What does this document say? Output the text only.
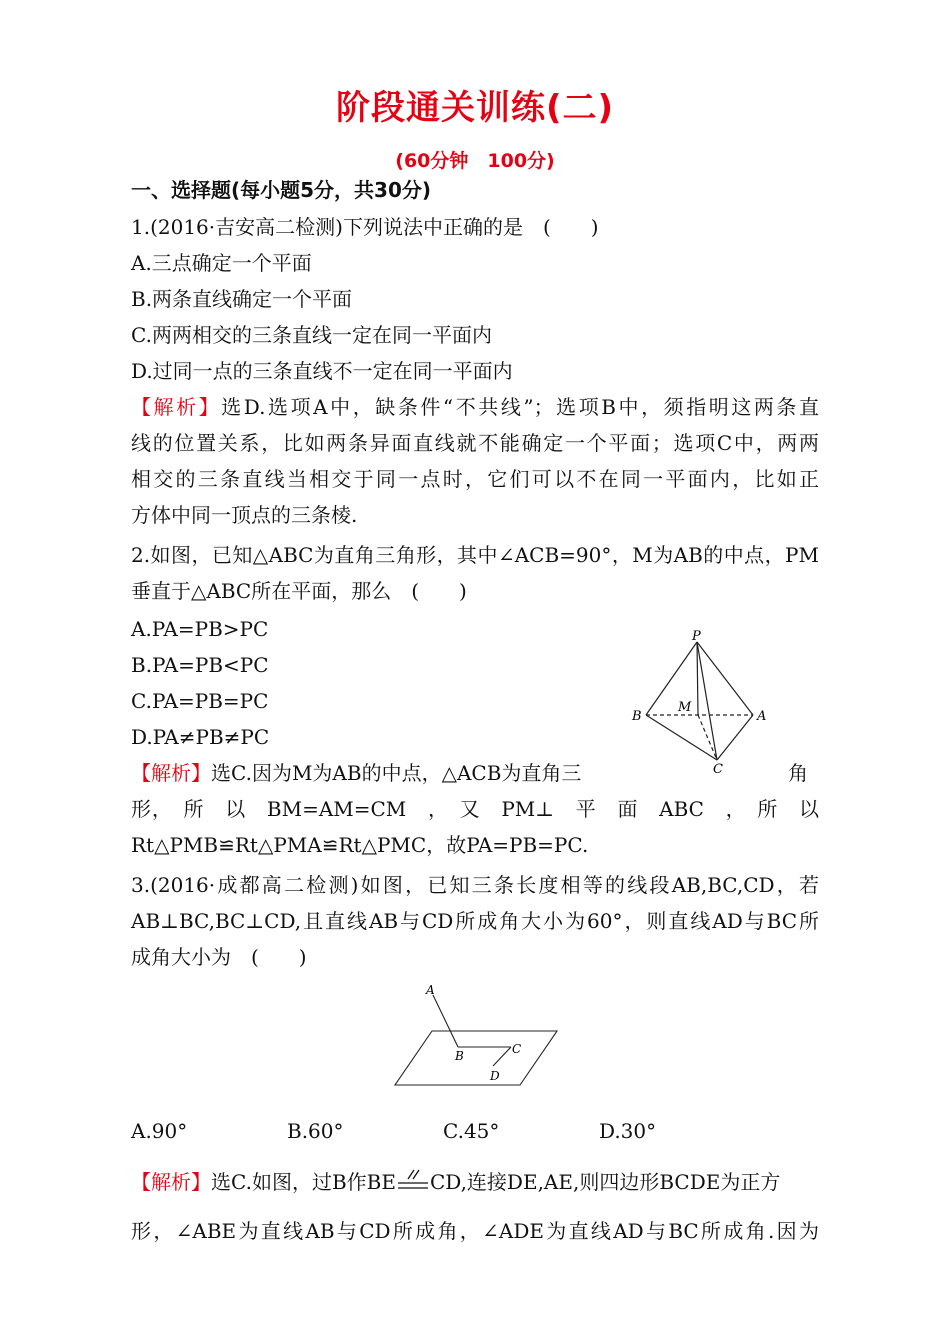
阶段通关训练(二)
(60分钟　100分)
一、选择题(每小题5分，共30分)
1.(2016·吉安高二检测)下列说法中正确的是　(　　)
A.三点确定一个平面
B.两条直线确定一个平面
C.两两相交的三条直线一定在同一平面内
D.过同一点的三条直线不一定在同一平面内
【解析】选D.选项A中，缺条件“不共线”；选项B中，须指明这两条直
线的位置关系，比如两条异面直线就不能确定一个平面；选项C中，两两
相交的三条直线当相交于同一点时，它们可以不在同一平面内，比如正
方体中同一顶点的三条棱.
2.如图，已知△ABC为直角三角形，其中∠ACB=90°，M为AB的中点，PM
垂直于△ABC所在平面，那么　(　　)
A.PA=PB>PC
B.PA=PB<PC
C.PA=PB=PC
D.PA≠PB≠PC
P
M
B	A
C
【解析】选C.因为M为AB的中点，△ACB为直角三	角
形，　所　以　BM=AM=CM　，　又　PM⊥　平　面　ABC　，　所　以
Rt△PMB≌Rt△PMA≌Rt△PMC，故PA=PB=PC.
3.(2016·成都高二检测)如图，已知三条长度相等的线段AB,BC,CD，若
AB⊥BC,BC⊥CD,且直线AB与CD所成角大小为60°，则直线AD与BC所
成角大小为　(　　)
A
B	C
D
A.90°	B.60°	C.45°	D.30°
【解析】选C.如图，过B作BE CD,连接DE,AE,则四边形BCDE为正方
形，∠ABE为直线AB与CD所成角，∠ADE为直线AD与BC所成角.因为
